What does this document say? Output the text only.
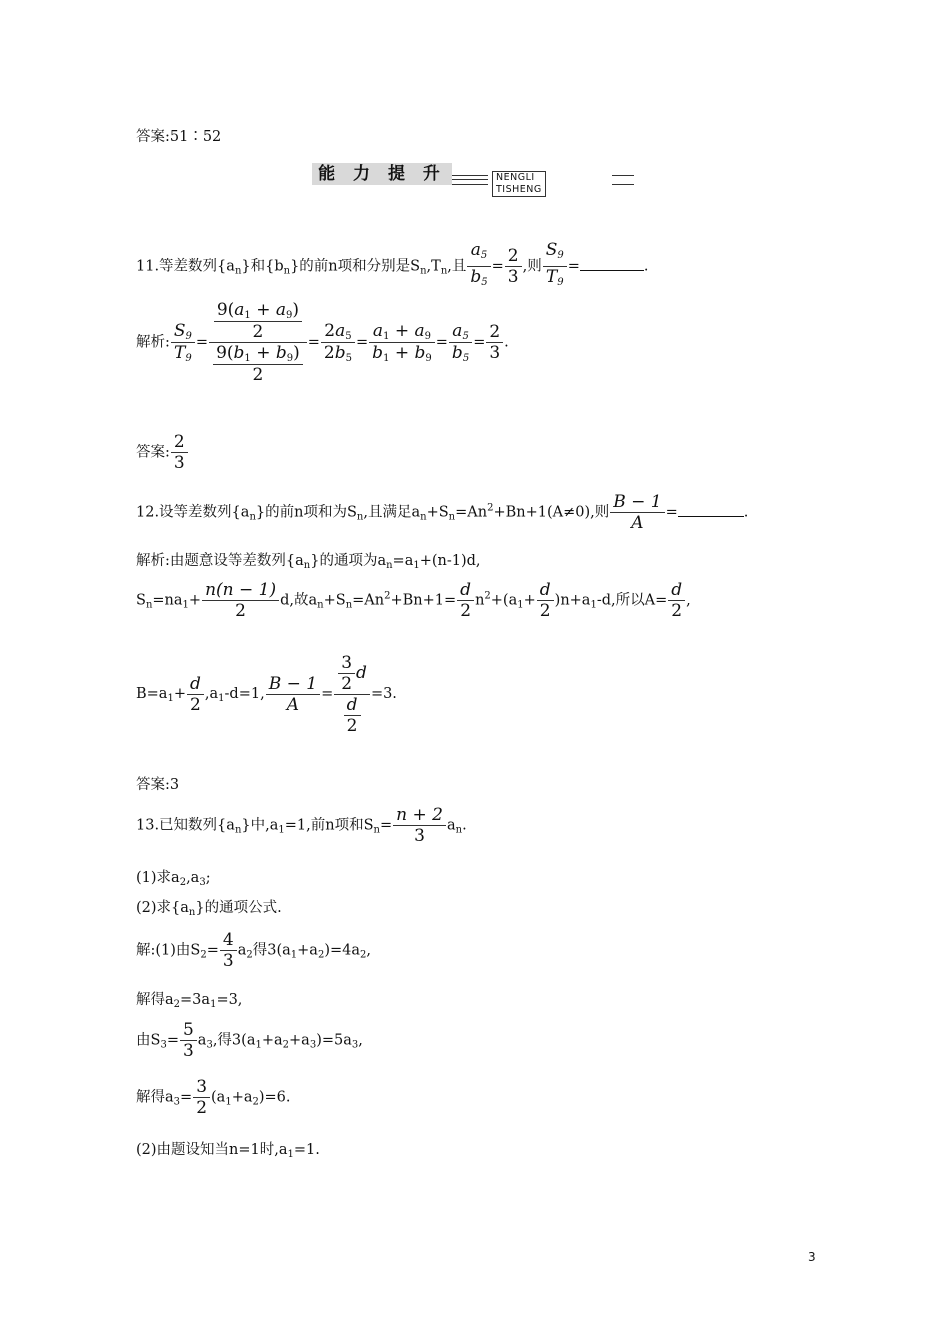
答案:51∶52
能 力 提 升	NENGLI TISHENG
11.等差数列$\{a_n\}$和$\{b_n\}$的前n项和分别是$S_n,T_n$,且 $\frac{a_5}{b_5} = \frac{2}{3}$ ,则 $\frac{S_9}{T_9}$ =	.
解析: $\frac{S_9}{T_9} = \frac{\frac{9(a_1 + a_9)}{2}}{\frac{9(b_1 + b_9)}{2}} = \frac{2a_5}{2b_5} = \frac{a_1 + a_9}{b_1 + b_9} = \frac{a_5}{b_5} = \frac{2}{3}$ .
答案: $\frac{2}{3}$
12.设等差数列$\{a_n\}$的前n项和为$S_n$,且满足$a_n+S_n=An^2+Bn+1(A\ne 0)$,则 $\frac{B - 1}{A}$ =	.
解析:由题意设等差数列$\{a_n\}$的通项为$a_n=a_1+(n-1)d$,
$S_n=na_1+ \frac{n(n - 1)}{2} d$,故$a_n+S_n=An^2+Bn+1= \frac{d}{2} n^2+(a_1+ \frac{d}{2} )n+a_1-d$,所以$A= \frac{d}{2}$ ,
$B=a_1+ \frac{d}{2} ,a_1-d=1$, $\frac{B - 1}{A} = \frac{\frac{3}{2} d}{\frac{d}{2}} =3$.
答案:3
13.已知数列$\{a_n\}$中$,a_1=1$,前n项和$S_n= \frac{n + 2}{3} a_n$.
(1)求$a_2,a_3$;
(2)求$\{a_n\}$的通项公式.
解:(1)由$S_2= \frac{4}{3} a_2$得$3(a_1+a_2)=4a_2$,
解得$a_2=3a_1=3$,
由$S_3= \frac{5}{3} a_3$,得$3(a_1+a_2+a_3)=5a_3$,
解得$a_3= \frac{3}{2} (a_1+a_2)=6$.
(2)由题设知当n=1时$,a_1=1$.
3
